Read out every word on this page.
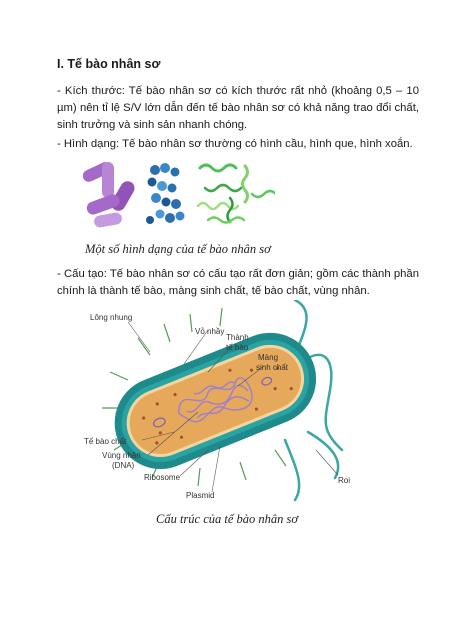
I. Tế bào nhân sơ
- Kích thước: Tế bào nhân sơ có kích thước rất nhỏ (khoảng 0,5 – 10 µm) nên tỉ lệ S/V lớn dẫn đến tế bào nhân sơ có khả năng trao đổi chất, sinh trưởng và sinh sản nhanh chóng.
- Hình dạng: Tế bào nhân sơ thường có hình cầu, hình que, hình xoắn.
Một số hình dạng của tế bào nhân sơ
- Cấu tạo: Tế bào nhân sơ có cấu tạo rất đơn giản; gồm các thành phần chính là thành tế bào, màng sinh chất, tế bào chất, vùng nhân.
Lông nhung
Vỏ nhầy
Thành
tế bào
Màng
sinh chất
Tế bào chất
Vùng nhân
(DNA)
Ribosome
Plasmid
Roi
Cấu trúc của tế bào nhân sơ
